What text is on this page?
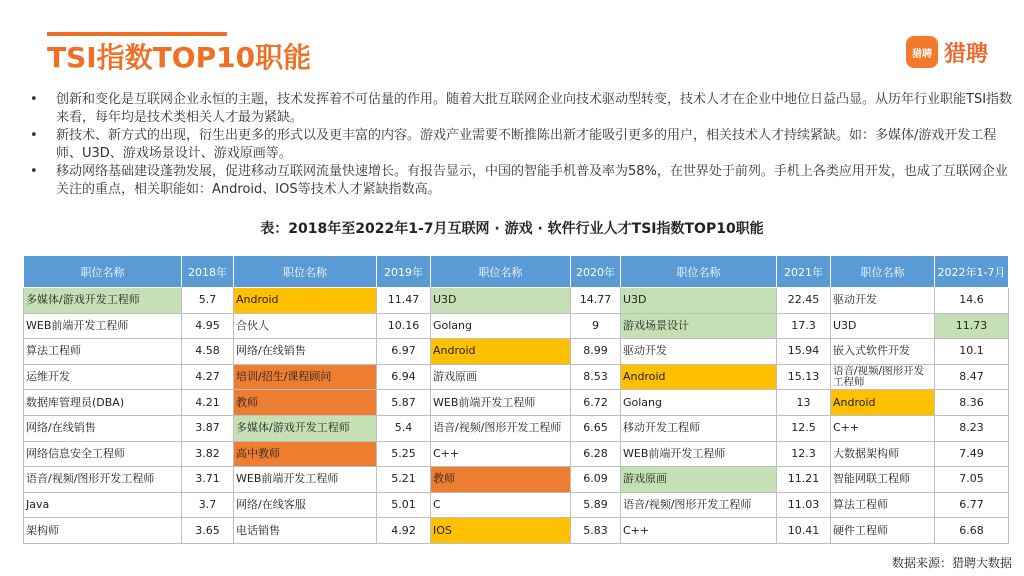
TSI指数TOP10职能	猎聘 猎聘
• 创新和变化是互联网企业永恒的主题，技术发挥着不可估量的作用。随着大批互联网企业向技术驱动型转变，技术人才在企业中地位日益凸显。从历年行业职能TSI指数来看，每年均是技术类相关人才最为紧缺。
• 新技术、新方式的出现，衍生出更多的形式以及更丰富的内容。游戏产业需要不断推陈出新才能吸引更多的用户，相关技术人才持续紧缺。如：多媒体/游戏开发工程师、U3D、游戏场景设计、游戏原画等。
• 移动网络基础建设蓬勃发展，促进移动互联网流量快速增长。有报告显示，中国的智能手机普及率为58%，在世界处于前列。手机上各类应用开发，也成了互联网企业关注的重点，相关职能如：Android、IOS等技术人才紧缺指数高。
表：2018年至2022年1-7月互联网 · 游戏 · 软件行业人才TSI指数TOP10职能
职位名称	2018年	职位名称	2019年	职位名称	2020年	职位名称	2021年	职位名称	2022年1-7月
多媒体/游戏开发工程师	5.7	Android	11.47	U3D	14.77	U3D	22.45	驱动开发	14.6
WEB前端开发工程师	4.95	合伙人	10.16	Golang	9	游戏场景设计	17.3	U3D	11.73
算法工程师	4.58	网络/在线销售	6.97	Android	8.99	驱动开发	15.94	嵌入式软件开发	10.1
运维开发	4.27	培训/招生/课程顾问	6.94	游戏原画	8.53	Android	15.13	语音/视频/图形开发工程师	8.47
数据库管理员(DBA)	4.21	教师	5.87	WEB前端开发工程师	6.72	Golang	13	Android	8.36
网络/在线销售	3.87	多媒体/游戏开发工程师	5.4	语音/视频/图形开发工程师	6.65	移动开发工程师	12.5	C++	8.23
网络信息安全工程师	3.82	高中教师	5.25	C++	6.28	WEB前端开发工程师	12.3	大数据架构师	7.49
语音/视频/图形开发工程师	3.71	WEB前端开发工程师	5.21	教师	6.09	游戏原画	11.21	智能网联工程师	7.05
Java	3.7	网络/在线客服	5.01	C	5.89	语音/视频/图形开发工程师	11.03	算法工程师	6.77
架构师	3.65	电话销售	4.92	IOS	5.83	C++	10.41	硬件工程师	6.68
数据来源：猎聘大数据
